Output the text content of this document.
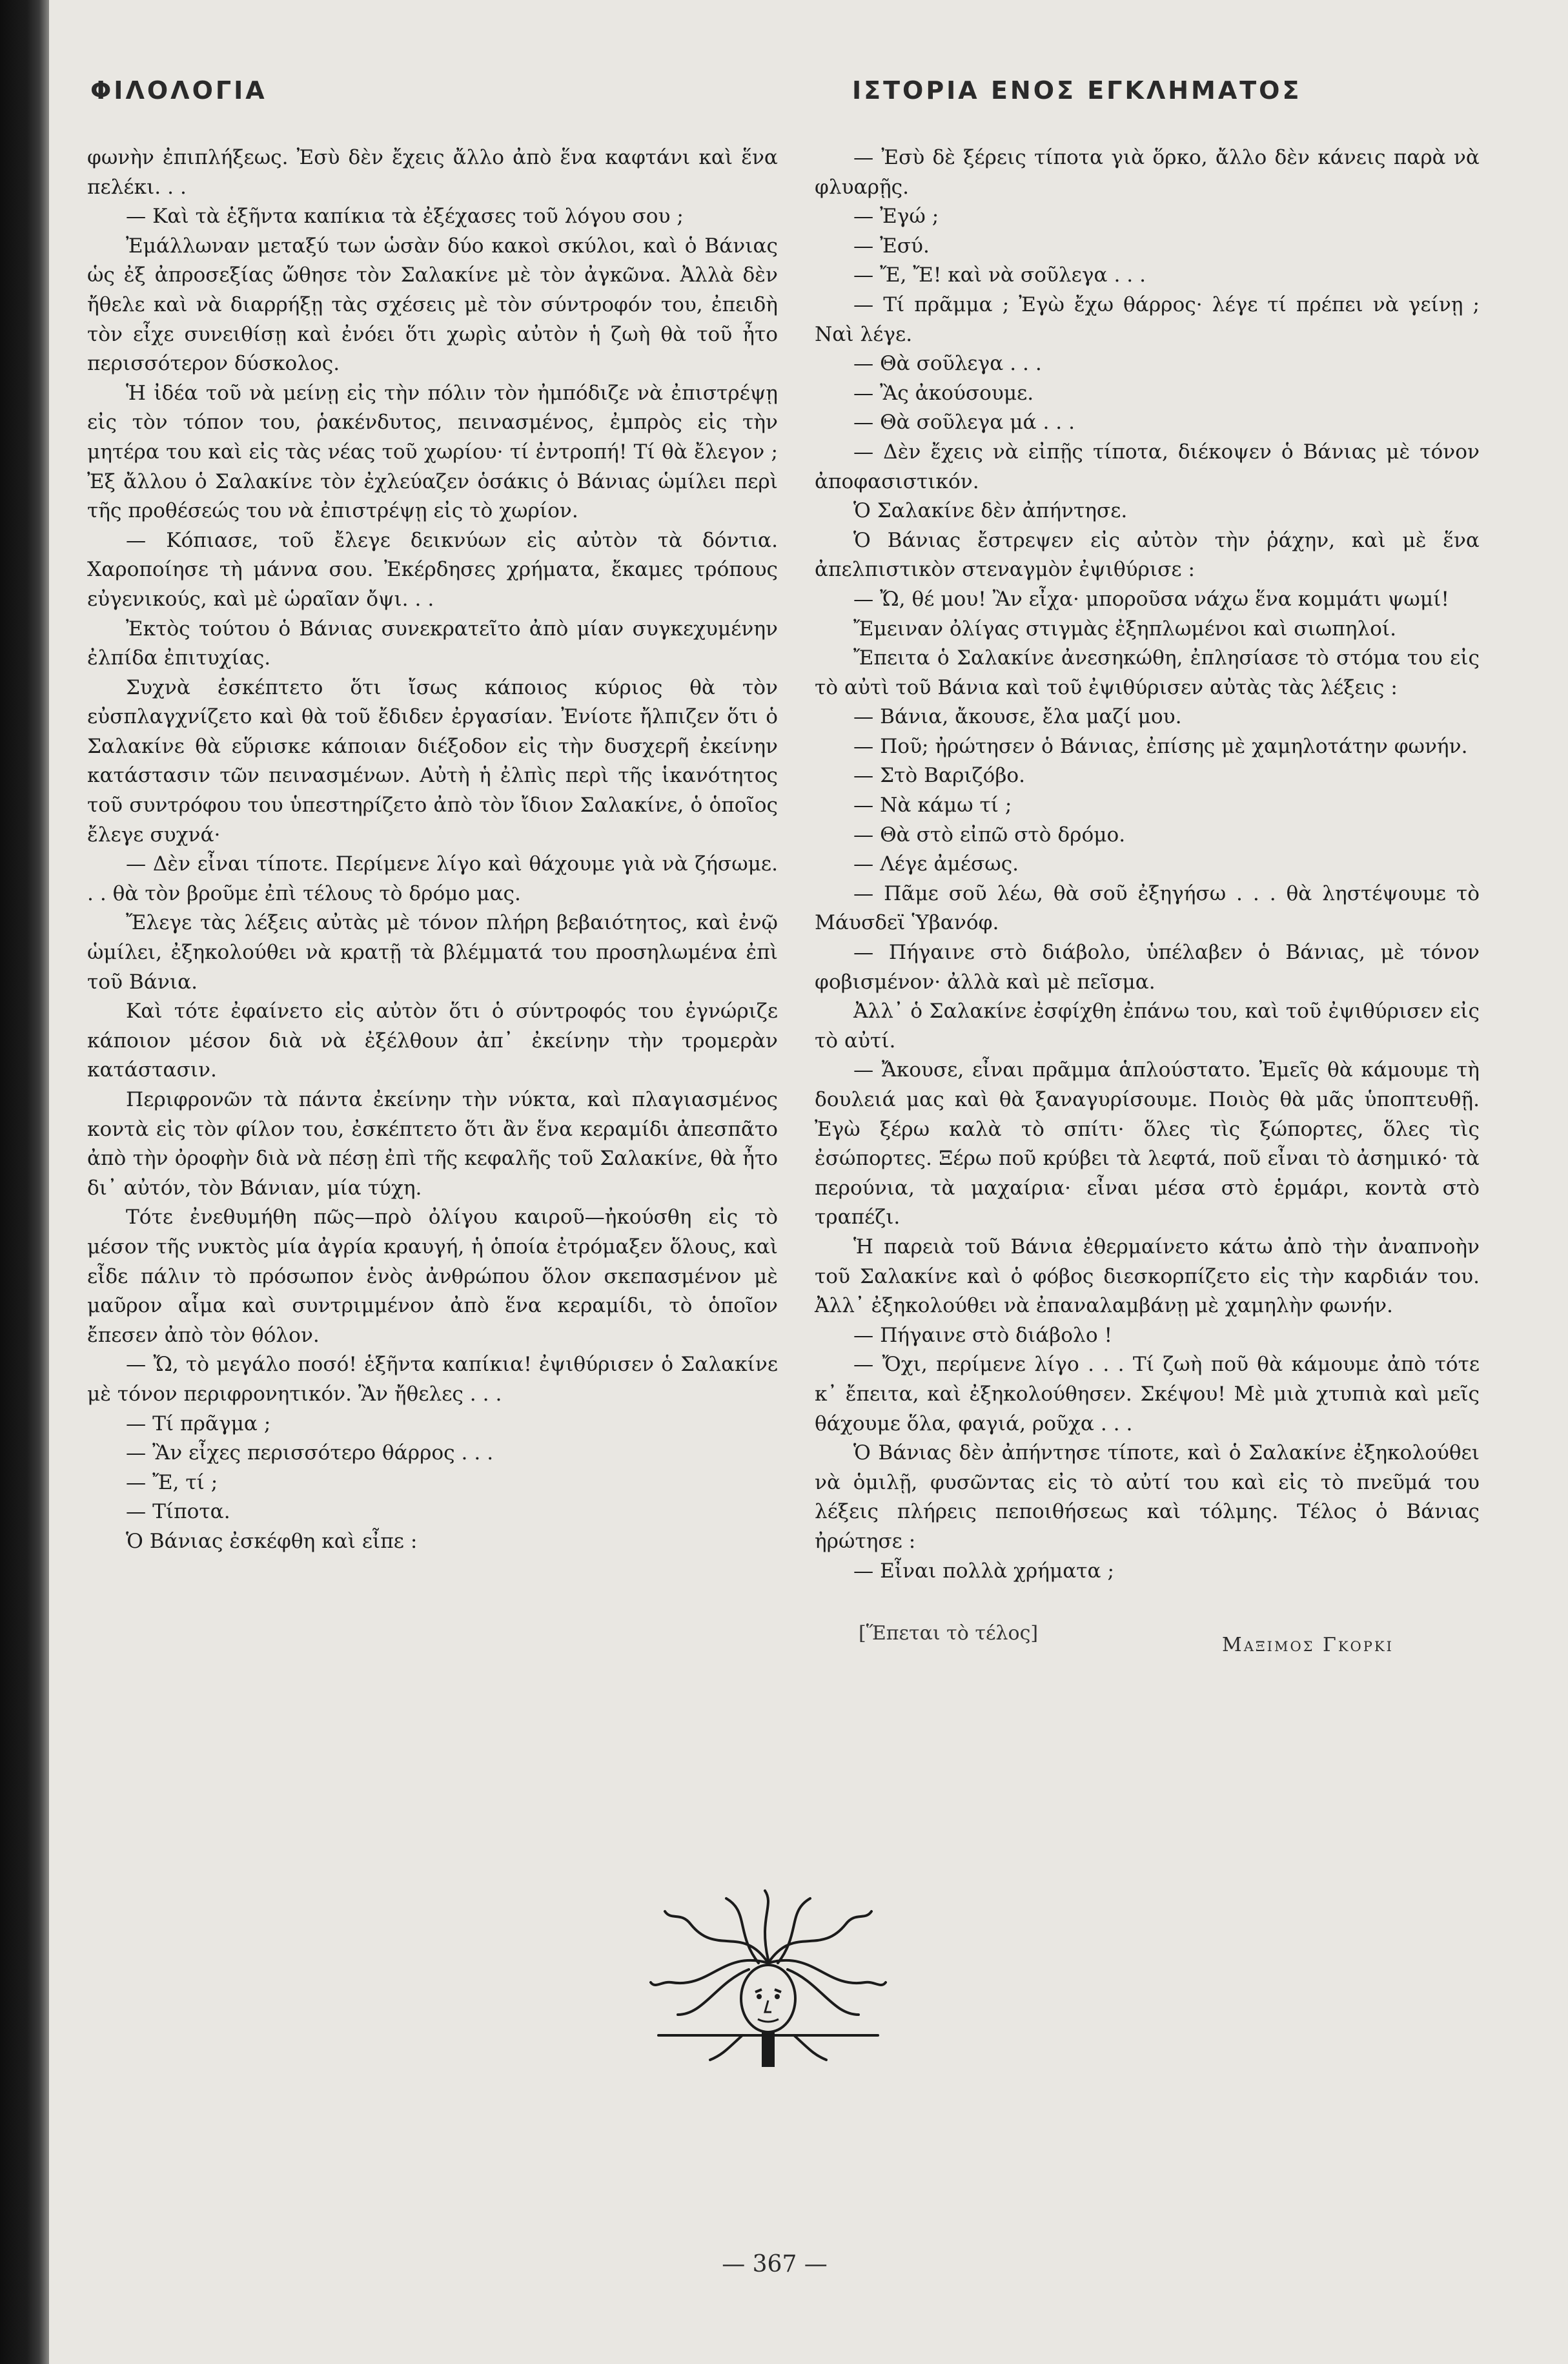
ΦΙΛΟΛΟΓΙΑ	ΙΣΤΟΡΙΑ ΕΝΟΣ ΕΓΚΛΗΜΑΤΟΣ

φωνὴν ἐπιπλήξεως. Ἐσὺ δὲν ἔχεις ἄλλο ἀπὸ ἕνα καφτάνι καὶ ἕνα πελέκι. . .

— Καὶ τὰ ἑξῆντα καπίκια τὰ ἐξέχασες τοῦ λόγου σου ;

Ἐμάλλωναν μεταξύ των ὡσὰν δύο κακοὶ σκύλοι, καὶ ὁ Βάνιας ὡς ἐξ ἀπροσεξίας ὤθησε τὸν Σαλακίνε μὲ τὸν ἀγκῶνα. Ἀλλὰ δὲν ἤθελε καὶ νὰ διαρρήξῃ τὰς σχέσεις μὲ τὸν σύντροφόν του, ἐπειδὴ τὸν εἶχε συνειθίσῃ καὶ ἐνόει ὅτι χωρὶς αὐτὸν ἡ ζωὴ θὰ τοῦ ἦτο περισσότερον δύσκολος.

Ἡ ἰδέα τοῦ νὰ μείνῃ εἰς τὴν πόλιν τὸν ἠμπόδιζε νὰ ἐπιστρέψῃ εἰς τὸν τόπον του, ῥακένδυτος, πεινασμένος, ἐμπρὸς εἰς τὴν μητέρα του καὶ εἰς τὰς νέας τοῦ χωρίου· τί ἐντροπή! Τί θὰ ἔλεγον ; Ἐξ ἄλλου ὁ Σαλακίνε τὸν ἐχλεύαζεν ὁσάκις ὁ Βάνιας ὡμίλει περὶ τῆς προθέσεώς του νὰ ἐπιστρέψῃ εἰς τὸ χωρίον.

— Κόπιασε, τοῦ ἔλεγε δεικνύων εἰς αὐτὸν τὰ δόντια. Χαροποίησε τὴ μάννα σου. Ἐκέρδησες χρήματα, ἔκαμες τρόπους εὐγενικούς, καὶ μὲ ὡραῖαν ὄψι. . .

Ἐκτὸς τούτου ὁ Βάνιας συνεκρατεῖτο ἀπὸ μίαν συγκεχυμένην ἐλπίδα ἐπιτυχίας.

Συχνὰ ἐσκέπτετο ὅτι ἴσως κάποιος κύριος θὰ τὸν εὐσπλαγχνίζετο καὶ θὰ τοῦ ἔδιδεν ἐργασίαν. Ἐνίοτε ἤλπιζεν ὅτι ὁ Σαλακίνε θὰ εὕρισκε κάποιαν διέξοδον εἰς τὴν δυσχερῆ ἐκείνην κατάστασιν τῶν πεινασμένων. Αὐτὴ ἡ ἐλπὶς περὶ τῆς ἱκανότητος τοῦ συντρόφου του ὑπεστηρίζετο ἀπὸ τὸν ἴδιον Σαλακίνε, ὁ ὁποῖος ἔλεγε συχνά·

— Δὲν εἶναι τίποτε. Περίμενε λίγο καὶ θάχουμε γιὰ νὰ ζήσωμε. . . θὰ τὸν βροῦμε ἐπὶ τέλους τὸ δρόμο μας.

Ἔλεγε τὰς λέξεις αὐτὰς μὲ τόνον πλήρη βεβαιότητος, καὶ ἐνῷ ὡμίλει, ἐξηκολούθει νὰ κρατῇ τὰ βλέμματά του προσηλωμένα ἐπὶ τοῦ Βάνια.

Καὶ τότε ἐφαίνετο εἰς αὐτὸν ὅτι ὁ σύντροφός του ἐγνώριζε κάποιον μέσον διὰ νὰ ἐξέλθουν ἀπ᾿ ἐκείνην τὴν τρομερὰν κατάστασιν.

Περιφρονῶν τὰ πάντα ἐκείνην τὴν νύκτα, καὶ πλαγιασμένος κοντὰ εἰς τὸν φίλον του, ἐσκέπτετο ὅτι ἂν ἕνα κεραμίδι ἀπεσπᾶτο ἀπὸ τὴν ὀροφὴν διὰ νὰ πέσῃ ἐπὶ τῆς κεφαλῆς τοῦ Σαλακίνε, θὰ ἦτο δι᾿ αὐτόν, τὸν Βάνιαν, μία τύχη.

Τότε ἐνεθυμήθη πῶς—πρὸ ὀλίγου καιροῦ—ἠκούσθη εἰς τὸ μέσον τῆς νυκτὸς μία ἀγρία κραυγή, ἡ ὁποία ἐτρόμαξεν ὅλους, καὶ εἶδε πάλιν τὸ πρόσωπον ἑνὸς ἀνθρώπου ὅλον σκεπασμένον μὲ μαῦρον αἷμα καὶ συντριμμένον ἀπὸ ἕνα κεραμίδι, τὸ ὁποῖον ἔπεσεν ἀπὸ τὸν θόλον.

— Ὤ, τὸ μεγάλο ποσό! ἑξῆντα καπίκια! ἐψιθύρισεν ὁ Σαλακίνε μὲ τόνον περιφρονητικόν. Ἂν ἤθελες . . .

— Τί πρᾶγμα ;

— Ἂν εἶχες περισσότερο θάρρος . . .

— Ἔ, τί ;

— Τίποτα.

Ὁ Βάνιας ἐσκέφθη καὶ εἶπε :

— Ἐσὺ δὲ ξέρεις τίποτα γιὰ ὅρκο, ἄλλο δὲν κάνεις παρὰ νὰ φλυαρῇς.

— Ἐγώ ;

— Ἐσύ.

— Ἔ, Ἔ! καὶ νὰ σοῦλεγα . . .

— Τί πρᾶμμα ; Ἐγὼ ἔχω θάρρος· λέγε τί πρέπει νὰ γείνῃ ; Ναὶ λέγε.

— Θὰ σοῦλεγα . . .

— Ἂς ἀκούσουμε.

— Θὰ σοῦλεγα μά . . .

— Δὲν ἔχεις νὰ εἰπῇς τίποτα, διέκοψεν ὁ Βάνιας μὲ τόνον ἀποφασιστικόν.

Ὁ Σαλακίνε δὲν ἀπήντησε.

Ὁ Βάνιας ἔστρεψεν εἰς αὐτὸν τὴν ῥάχην, καὶ μὲ ἕνα ἀπελπιστικὸν στεναγμὸν ἐψιθύρισε :

— Ὤ, θέ μου! Ἂν εἶχα· μποροῦσα νάχω ἕνα κομμάτι ψωμί!

Ἔμειναν ὀλίγας στιγμὰς ἐξηπλωμένοι καὶ σιωπηλοί.

Ἔπειτα ὁ Σαλακίνε ἀνεσηκώθη, ἐπλησίασε τὸ στόμα του εἰς τὸ αὐτὶ τοῦ Βάνια καὶ τοῦ ἐψιθύρισεν αὐτὰς τὰς λέξεις :

— Βάνια, ἄκουσε, ἔλα μαζί μου.

— Ποῦ; ἠρώτησεν ὁ Βάνιας, ἐπίσης μὲ χαμηλοτάτην φωνήν.

— Στὸ Βαριζόβο.

— Νὰ κάμω τί ;

— Θὰ στὸ εἰπῶ στὸ δρόμο.

— Λέγε ἀμέσως.

— Πᾶμε σοῦ λέω, θὰ σοῦ ἐξηγήσω . . . θὰ ληστέψουμε τὸ Μάυσδεϊ Ὑβανόφ.

— Πήγαινε στὸ διάβολο, ὑπέλαβεν ὁ Βάνιας, μὲ τόνον φοβισμένον· ἀλλὰ καὶ μὲ πεῖσμα.

Ἀλλ᾿ ὁ Σαλακίνε ἐσφίχθη ἐπάνω του, καὶ τοῦ ἐψιθύρισεν εἰς τὸ αὐτί.

— Ἄκουσε, εἶναι πρᾶμμα ἁπλούστατο. Ἐμεῖς θὰ κάμουμε τὴ δουλειά μας καὶ θὰ ξαναγυρίσουμε. Ποιὸς θὰ μᾶς ὑποπτευθῇ. Ἐγὼ ξέρω καλὰ τὸ σπίτι· ὅλες τὶς ξώπορτες, ὅλες τὶς ἐσώπορτες. Ξέρω ποῦ κρύβει τὰ λεφτά, ποῦ εἶναι τὸ ἀσημικό· τὰ περούνια, τὰ μαχαίρια· εἶναι μέσα στὸ ἑρμάρι, κοντὰ στὸ τραπέζι.

Ἡ παρειὰ τοῦ Βάνια ἐθερμαίνετο κάτω ἀπὸ τὴν ἀναπνοὴν τοῦ Σαλακίνε καὶ ὁ φόβος διεσκορπίζετο εἰς τὴν καρδιάν του. Ἀλλ᾿ ἐξηκολούθει νὰ ἐπαναλαμβάνῃ μὲ χαμηλὴν φωνήν.

— Πήγαινε στὸ διάβολο !

— Ὄχι, περίμενε λίγο . . . Τί ζωὴ ποῦ θὰ κάμουμε ἀπὸ τότε κ᾿ ἔπειτα, καὶ ἐξηκολούθησεν. Σκέψου! Μὲ μιὰ χτυπιὰ καὶ μεῖς θάχουμε ὅλα, φαγιά, ροῦχα . . .

Ὁ Βάνιας δὲν ἀπήντησε τίποτε, καὶ ὁ Σαλακίνε ἐξηκολούθει νὰ ὁμιλῇ, φυσῶντας εἰς τὸ αὐτί του καὶ εἰς τὸ πνεῦμά του λέξεις πλήρεις πεποιθήσεως καὶ τόλμης. Τέλος ὁ Βάνιας ἠρώτησε :

— Εἶναι πολλὰ χρήματα ;

[Ἕπεται τὸ τέλος]
Μαξιμος Γκορκι
— 367 —
